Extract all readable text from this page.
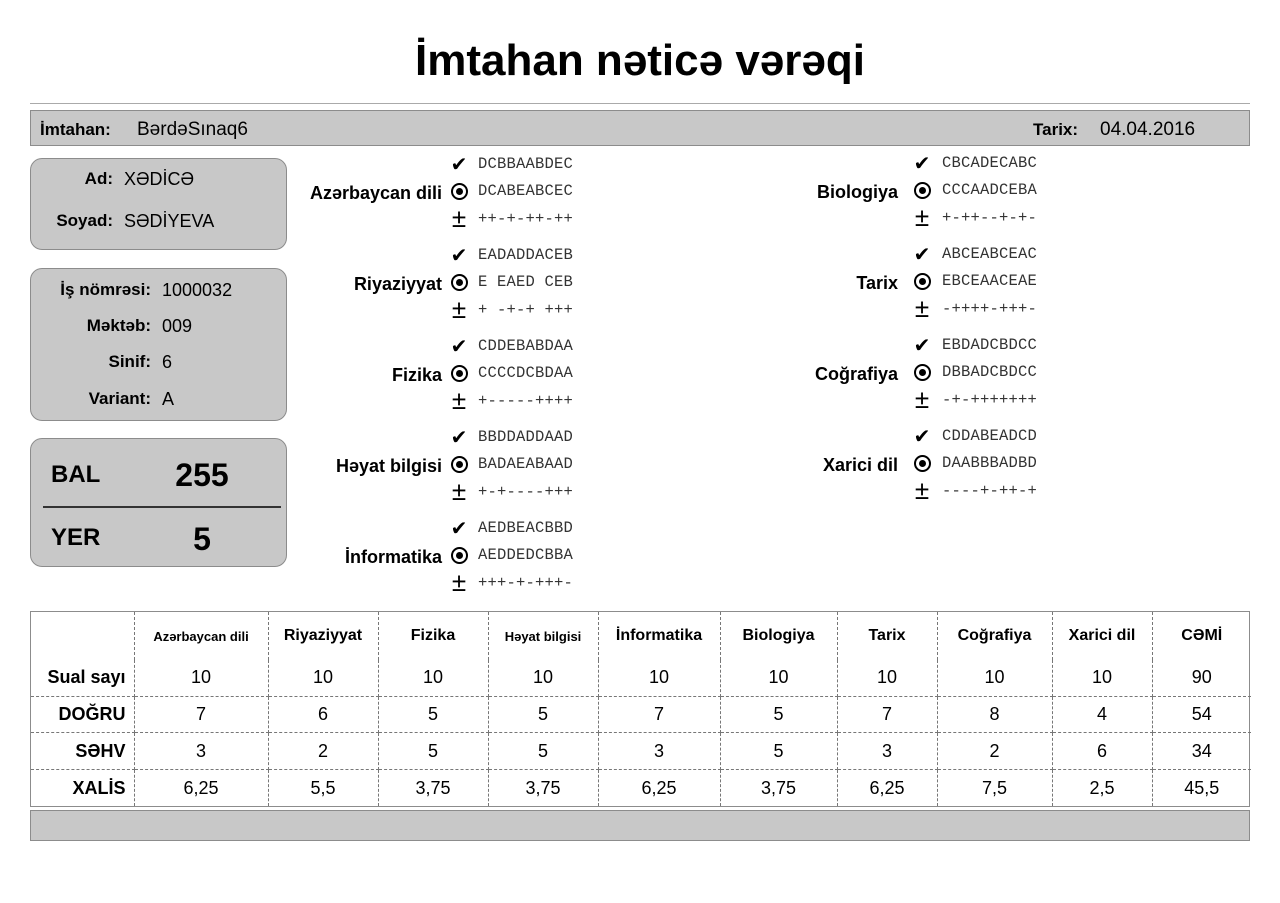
İmtahan nəticə vərəqi
İmtahan: BərdəSınaq6	Tarix: 04.04.2016
Ad: XƏDİCƏ
Soyad: SƏDİYEVA
İş nömrəsi: 1000032
Məktəb: 009
Sinif: 6
Variant: A
BAL 255
YER	5
Azərbaycan dili
✔ DCBBAABDEC
DCABEABCEC
± ++-+-++-++
Riyaziyyat
✔ EADADDACEB
E EAED CEB
± + -+-+ +++
Fizika
✔ CDDEBABDAA
CCCCDCBDAA
± +-----++++
Həyat bilgisi
✔ BBDDADDAAD
BADAEABAAD
± +-+----+++
İnformatika
✔ AEDBEACBBD
AEDDEDCBBA
± +++-+-+++-
Biologiya
✔ CBCADECABC
CCCAADCEBA
± +-++--+-+-
Tarix
✔ ABCEABCEAC
EBCEAACEAE
± -++++-+++-
Coğrafiya
✔ EBDADCBDCC
DBBADCBDCC
± -+-+++++++
Xarici dil
✔ CDDABEADCD
DAABBBADBD
± ----+-++-+
	Azərbaycan dili	Riyaziyyat	Fizika	Həyat bilgisi	İnformatika	Biologiya	Tarix	Coğrafiya	Xarici dil	CƏMİ
Sual sayı	10	10	10	10	10	10	10	10	10	90
DOĞRU	7	6	5	5	7	5	7	8	4	54
SƏHV	3	2	5	5	3	5	3	2	6	34
XALİS	6,25	5,5	3,75	3,75	6,25	3,75	6,25	7,5	2,5	45,5
